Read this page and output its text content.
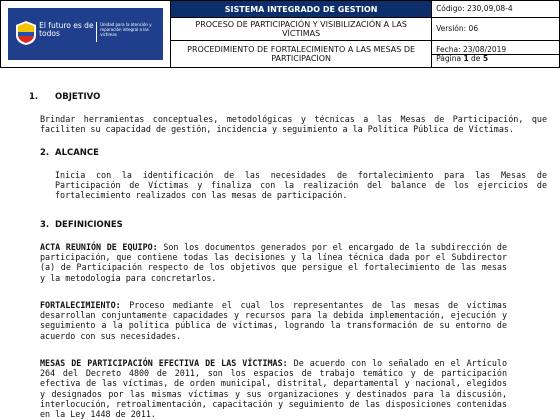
El futuro es de todos
Unidad para la atención y reparación integral a las víctimas	SISTEMA INTEGRADO DE GESTION	Código: 230,09,08-4
	PROCESO DE PARTICIPACIÓN Y VISIBILIZACIÓN A LAS VÍCTIMAS	Versión: 06
	PROCEDIMIENTO DE FORTALECIMIENTO A LAS MESAS DE PARTICIPACION	Fecha: 23/08/2019
Página 1 de 5
1. OBJETIVO
Brindar herramientas conceptuales, metodológicas y técnicas a las Mesas de Participación, que faciliten su capacidad de gestión, incidencia y seguimiento a la Política Pública de Víctimas.
2. ALCANCE
Inicia con la identificación de las necesidades de fortalecimiento para las Mesas de Participación de Víctimas y finaliza con la realización del balance de los ejercicios de fortalecimiento realizados con las mesas de participación.
3. DEFINICIONES
ACTA REUNIÓN DE EQUIPO: Son los documentos generados por el encargado de la subdirección de participación, que contiene todas las decisiones y la línea técnica dada por el Subdirector (a) de Participación respecto de los objetivos que persigue el fortalecimiento de las mesas y la metodología para concretarlos.
FORTALECIMIENTO: Proceso mediante el cual los representantes de las mesas de víctimas desarrollan conjuntamente capacidades y recursos para la debida implementación, ejecución y seguimiento a la política pública de víctimas, logrando la transformación de su entorno de acuerdo con sus necesidades.
MESAS DE PARTICIPACIÓN EFECTIVA DE LAS VÍCTIMAS: De acuerdo con lo señalado en el Artículo 264 del Decreto 4800 de 2011, son los espacios de trabajo temático y de participación efectiva de las víctimas, de orden municipal, distrital, departamental y nacional, elegidos y designados por las mismas víctimas y sus organizaciones y destinados para la discusión, interlocución, retroalimentación, capacitación y seguimiento de las disposiciones contenidas en la Ley 1448 de 2011.
